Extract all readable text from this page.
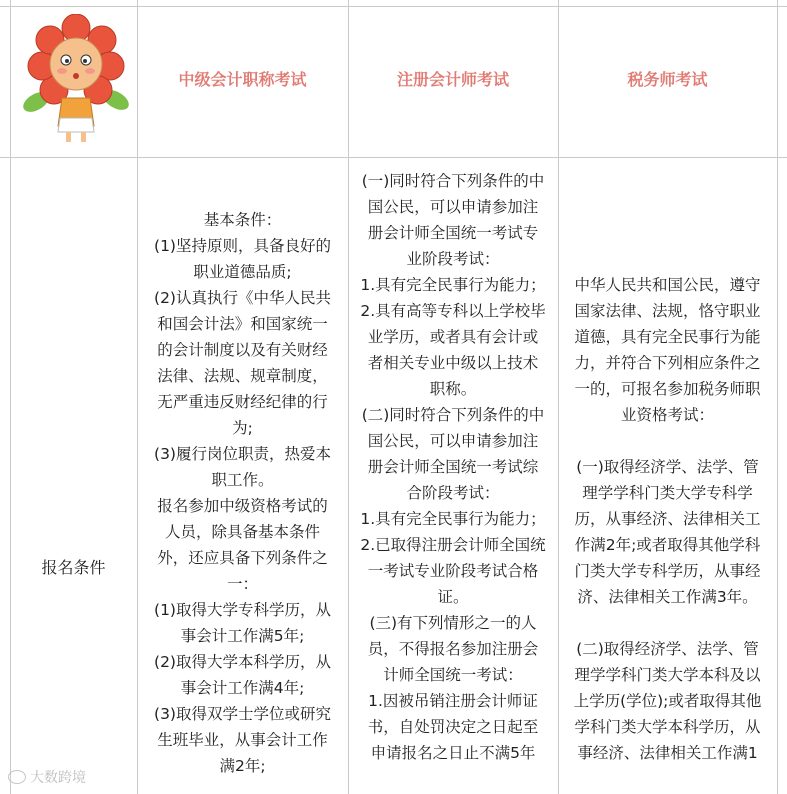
中级会计职称考试	注册会计师考试	税务师考试
报名条件

基本条件：

(1)坚持原则，具备良好的

职业道德品质;

(2)认真执行《中华人民共

和国会计法》和国家统一

的会计制度以及有关财经

法律、法规、规章制度，

无严重违反财经纪律的行

为;

(3)履行岗位职责，热爱本

职工作。

报名参加中级资格考试的

人员，除具备基本条件

外，还应具备下列条件之

一：

(1)取得大学专科学历，从

事会计工作满5年;

(2)取得大学本科学历，从

事会计工作满4年;

(3)取得双学士学位或研究

生班毕业，从事会计工作

满2年;

(一)同时符合下列条件的中

国公民，可以申请参加注

册会计师全国统一考试专

业阶段考试：

1.具有完全民事行为能力；

2.具有高等专科以上学校毕

业学历，或者具有会计或

者相关专业中级以上技术

职称。

(二)同时符合下列条件的中

国公民，可以申请参加注

册会计师全国统一考试综

合阶段考试：

1.具有完全民事行为能力；

2.已取得注册会计师全国统

一考试专业阶段考试合格

证。

(三)有下列情形之一的人

员，不得报名参加注册会

计师全国统一考试：

1.因被吊销注册会计师证

书，自处罚决定之日起至

申请报名之日止不满5年

中华人民共和国公民，遵守

国家法律、法规，恪守职业

道德，具有完全民事行为能

力，并符合下列相应条件之

一的，可报名参加税务师职

业资格考试：

(一)取得经济学、法学、管

理学学科门类大学专科学

历，从事经济、法律相关工

作满2年;或者取得其他学科

门类大学专科学历，从事经

济、法律相关工作满3年。

(二)取得经济学、法学、管

理学学科门类大学本科及以

上学历(学位);或者取得其他

学科门类大学本科学历，从

事经济、法律相关工作满1

大数跨境
